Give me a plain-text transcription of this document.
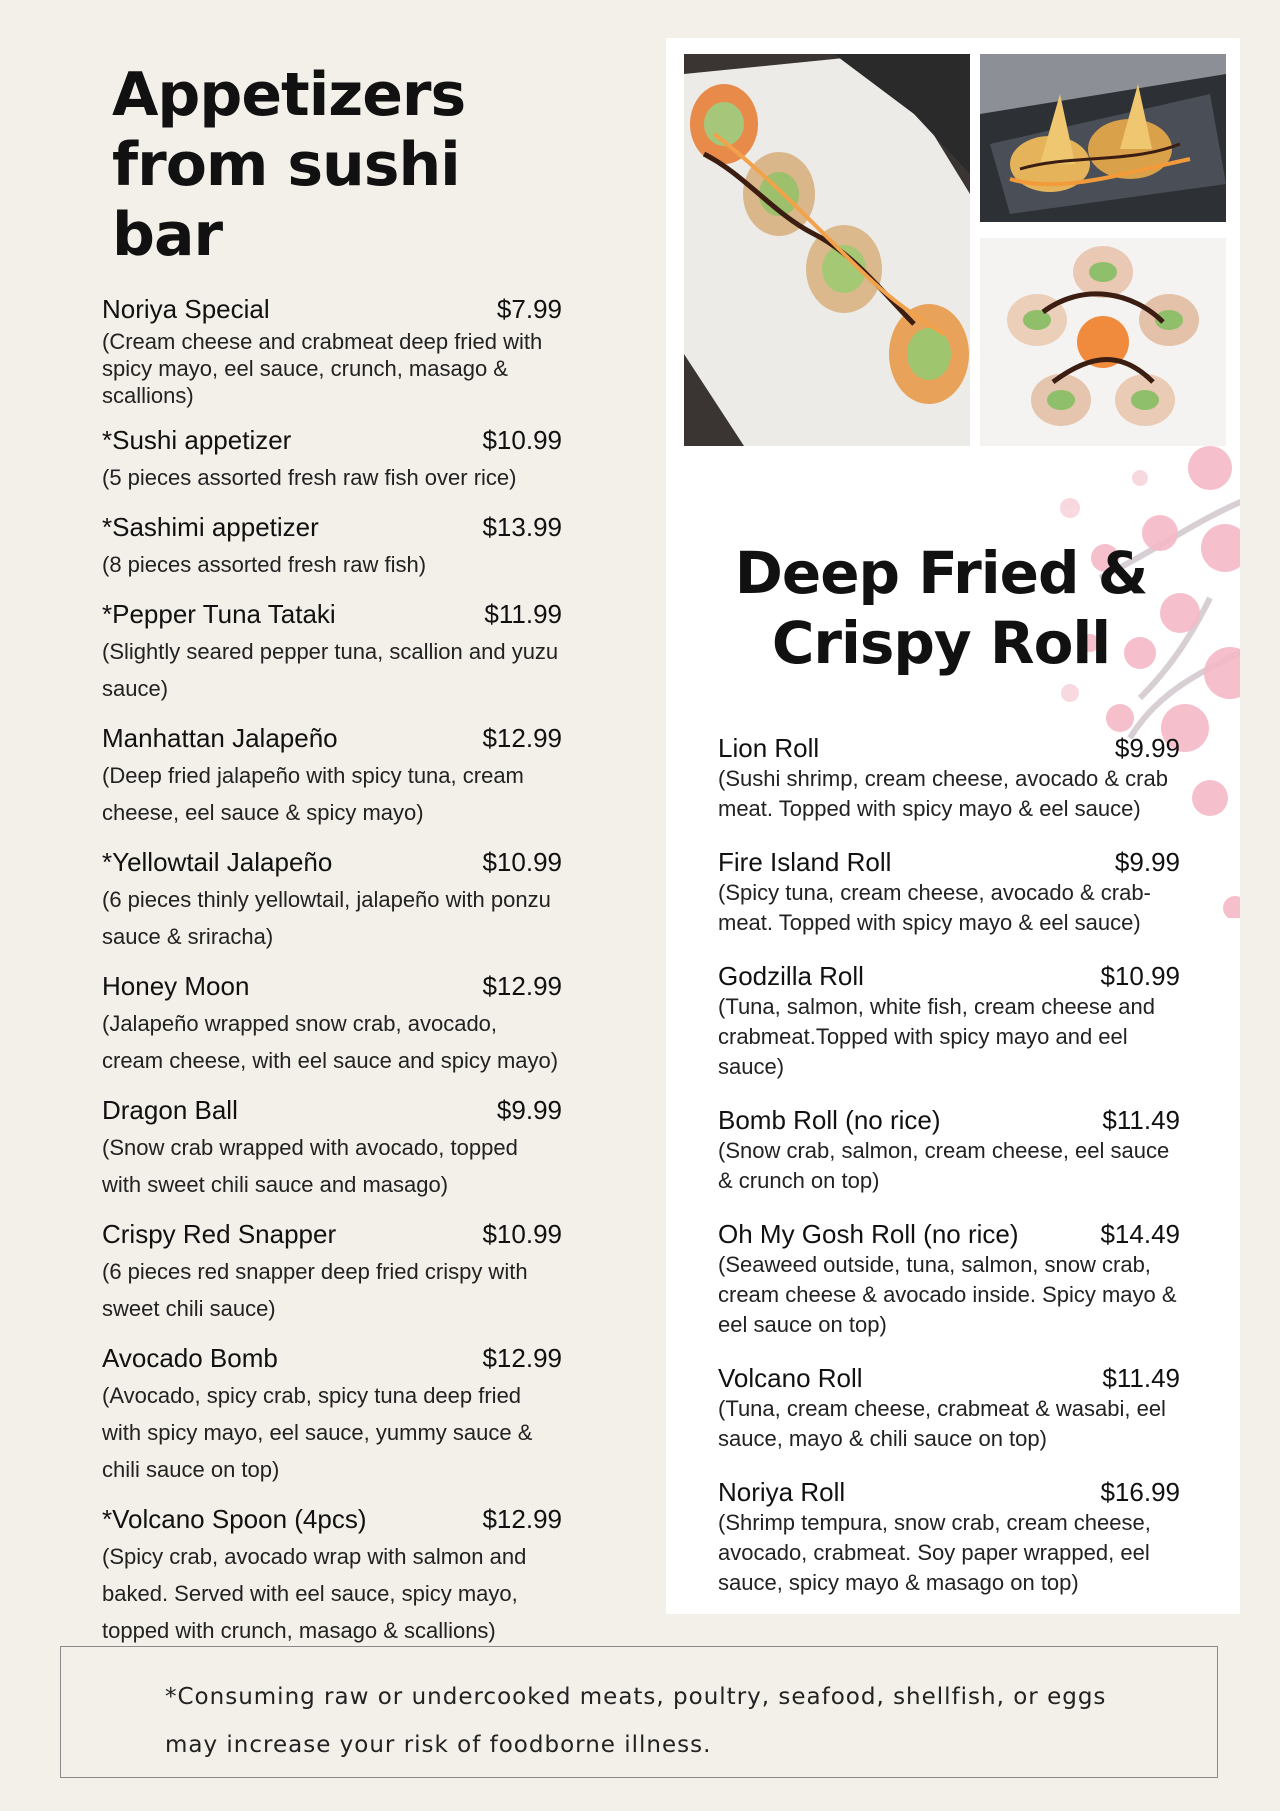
Appetizers from sushi bar
Noriya Special	$7.99
(Cream cheese and crabmeat deep fried with spicy mayo, eel sauce, crunch, masago & scallions)
*Sushi appetizer	$10.99
(5 pieces assorted fresh raw fish over rice)
*Sashimi appetizer	$13.99
(8 pieces assorted fresh raw fish)
*Pepper Tuna Tataki	$11.99
(Slightly seared pepper tuna, scallion and yuzu sauce)
Manhattan Jalapeño	$12.99
(Deep fried jalapeño with spicy tuna, cream cheese, eel sauce & spicy mayo)
*Yellowtail Jalapeño	$10.99
(6 pieces thinly yellowtail, jalapeño with ponzu sauce & sriracha)
Honey Moon	$12.99
(Jalapeño wrapped snow crab, avocado, cream cheese, with eel sauce and spicy mayo)
Dragon Ball	$9.99
(Snow crab wrapped with avocado, topped with sweet chili sauce and masago)
Crispy Red Snapper	$10.99
(6 pieces red snapper deep fried crispy with sweet chili sauce)
Avocado Bomb	$12.99
(Avocado, spicy crab, spicy tuna deep fried with spicy mayo, eel sauce, yummy sauce & chili sauce on top)
*Volcano Spoon (4pcs)	$12.99
(Spicy crab, avocado wrap with salmon and baked. Served with eel sauce, spicy mayo, topped with crunch, masago & scallions)
Deep Fried & Crispy Roll
Lion Roll	$9.99
(Sushi shrimp, cream cheese, avocado & crab meat. Topped with spicy mayo & eel sauce)
Fire Island Roll	$9.99
(Spicy tuna, cream cheese, avocado & crab-meat. Topped with spicy mayo & eel sauce)
Godzilla Roll	$10.99
(Tuna, salmon, white fish, cream cheese and crabmeat.Topped with spicy mayo and eel sauce)
Bomb Roll (no rice)	$11.49
(Snow crab, salmon, cream cheese, eel sauce & crunch on top)
Oh My Gosh Roll (no rice)	$14.49
(Seaweed outside, tuna, salmon, snow crab, cream cheese & avocado inside. Spicy mayo & eel sauce on top)
Volcano Roll	$11.49
(Tuna, cream cheese, crabmeat & wasabi, eel sauce, mayo & chili sauce on top)
Noriya Roll	$16.99
(Shrimp tempura, snow crab, cream cheese, avocado, crabmeat. Soy paper wrapped, eel sauce, spicy mayo & masago on top)
*Consuming raw or undercooked meats, poultry, seafood, shellfish, or eggs
may increase your risk of foodborne illness.
